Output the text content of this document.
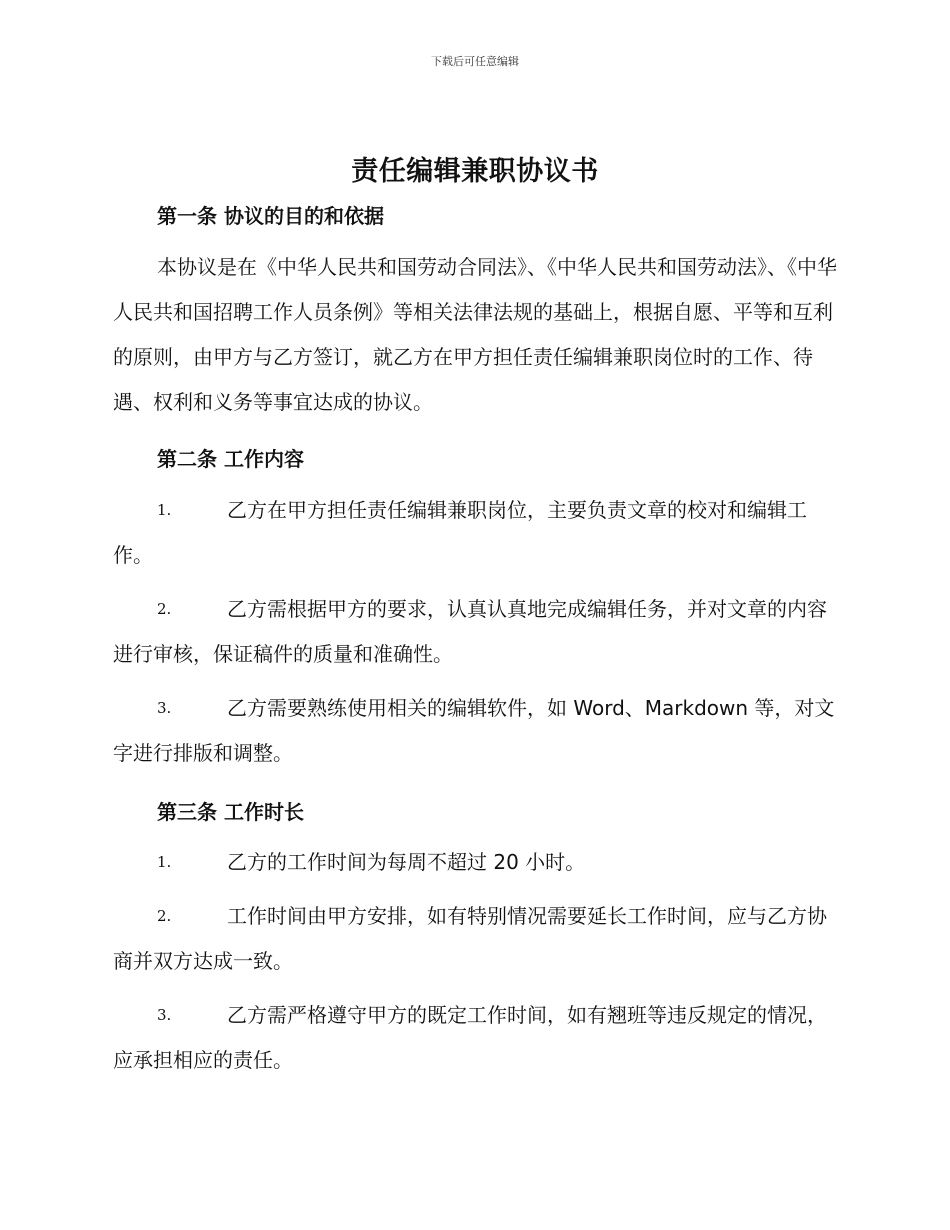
下载后可任意编辑
责任编辑兼职协议书
第一条 协议的目的和依据
本协议是在《中华人民共和国劳动合同法》、《中华人民共和国劳动法》、《中华人民共和国招聘工作人员条例》等相关法律法规的基础上，根据自愿、平等和互利的原则，由甲方与乙方签订，就乙方在甲方担任责任编辑兼职岗位时的工作、待遇、权利和义务等事宜达成的协议。
第二条 工作内容
1.	乙方在甲方担任责任编辑兼职岗位，主要负责文章的校对和编辑工作。
2.	乙方需根据甲方的要求，认真认真地完成编辑任务，并对文章的内容进行审核，保证稿件的质量和准确性。
3.	乙方需要熟练使用相关的编辑软件，如 Word、Markdown 等，对文字进行排版和调整。
第三条 工作时长
1.	乙方的工作时间为每周不超过 20 小时。
2.	工作时间由甲方安排，如有特别情况需要延长工作时间，应与乙方协商并双方达成一致。
3.	乙方需严格遵守甲方的既定工作时间，如有翘班等违反规定的情况，应承担相应的责任。
